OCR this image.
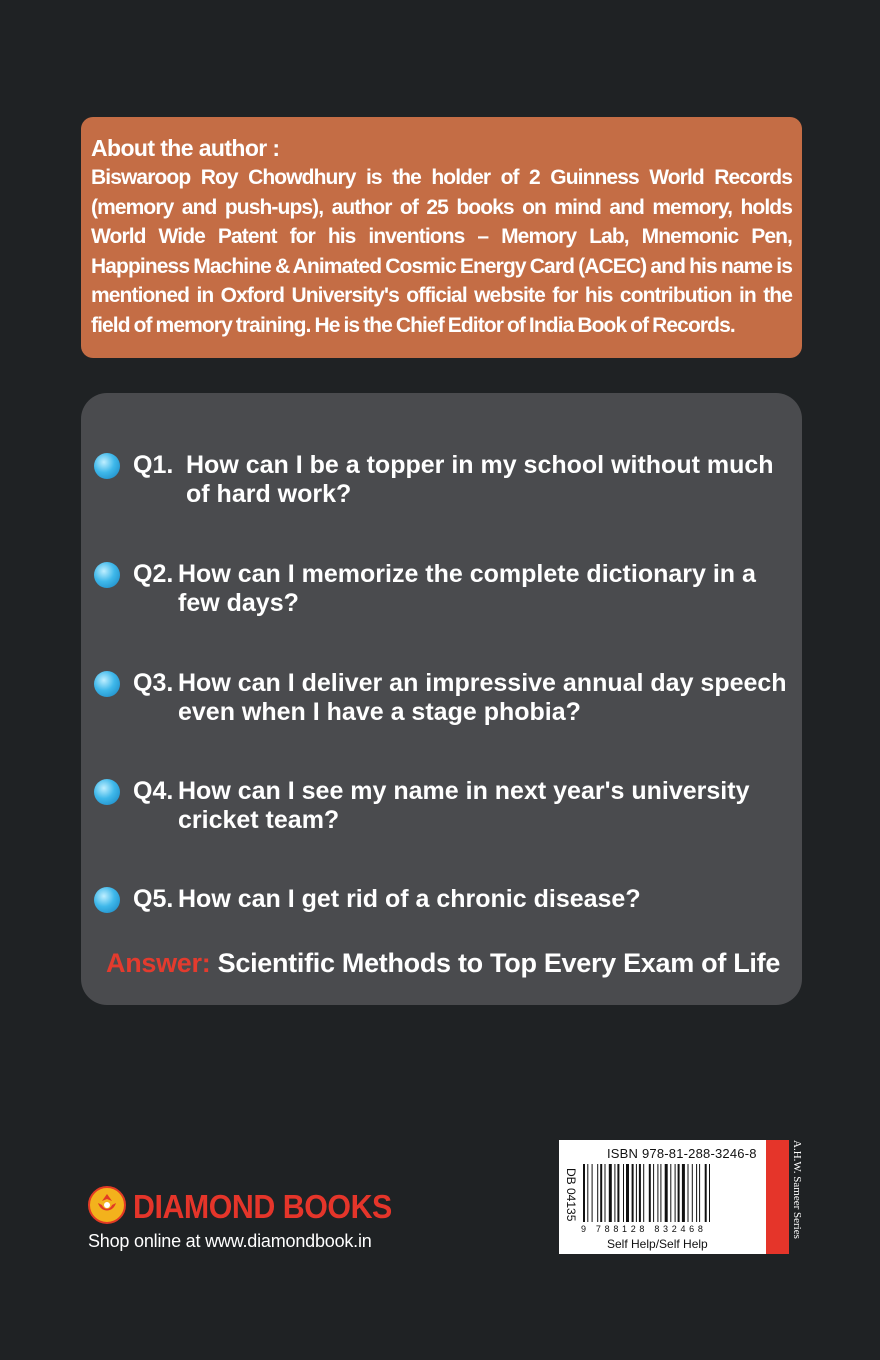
About the author :
Biswaroop Roy Chowdhury is the holder of 2 Guinness World Records (memory and push-ups), author of 25 books on mind and memory, holds World Wide Patent for his inventions – Memory Lab, Mnemonic Pen, Happiness Machine & Animated Cosmic Energy Card (ACEC) and his name is mentioned in Oxford University's official website for his contribution in the field of memory training. He is the Chief Editor of India Book of Records.
Q1. How can I be a topper in my school without much
of hard work?
Q2. How can I memorize the complete dictionary in a
few days?
Q3. How can I deliver an impressive annual day speech
even when I have a stage phobia?
Q4. How can I see my name in next year's university
cricket team?
Q5. How can I get rid of a chronic disease?
Answer: Scientific Methods to Top Every Exam of Life
DIAMOND BOOKS
Shop online at www.diamondbook.in
ISBN 978-81-288-3246-8
DB 04135
9 788128 832468
Self Help/Self Help
A.H.W. Sameer Series
